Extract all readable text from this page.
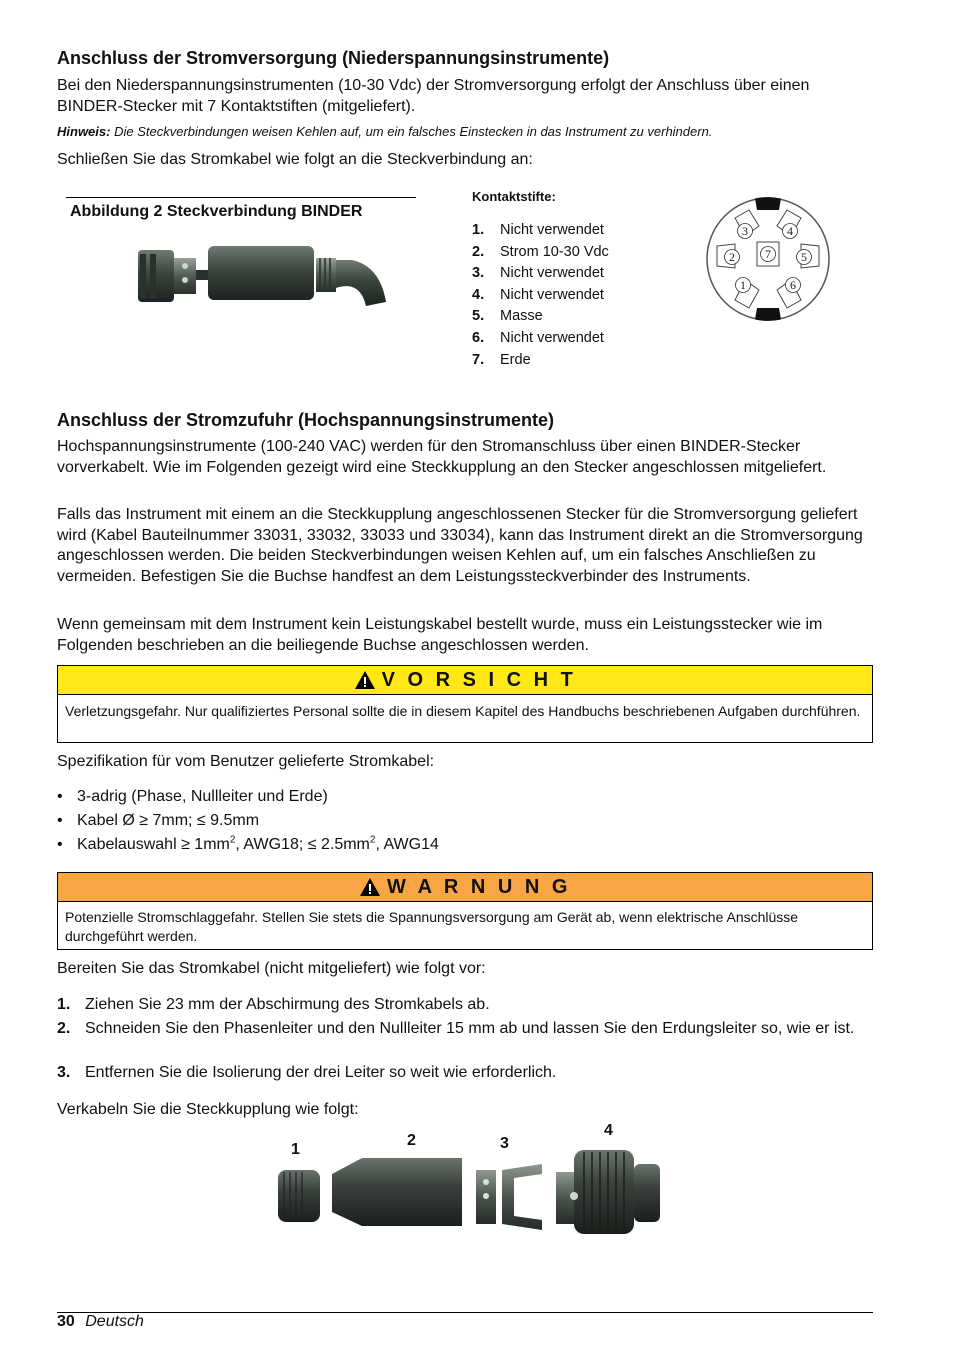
Anschluss der Stromversorgung (Niederspannungsinstrumente)
Bei den Niederspannungsinstrumenten (10-30 Vdc) der Stromversorgung erfolgt der Anschluss über einen BINDER-Stecker mit 7 Kontaktstiften (mitgeliefert).
Hinweis: Die Steckverbindungen weisen Kehlen auf, um ein falsches Einstecken in das Instrument zu verhindern.
Schließen Sie das Stromkabel wie folgt an die Steckverbindung an:
Abbildung 2 Steckverbindung BINDER
Kontaktstifte:
1. Nicht verwendet
2. Strom 10-30 Vdc
3. Nicht verwendet
4. Nicht verwendet
5. Masse
6. Nicht verwendet
7. Erde
1
2
3	4
5
6
7
Anschluss der Stromzufuhr (Hochspannungsinstrumente)
Hochspannungsinstrumente (100-240 VAC) werden für den Stromanschluss über einen BINDER-Stecker vorverkabelt. Wie im Folgenden gezeigt wird eine Steckkupplung an den Stecker angeschlossen mitgeliefert.
Falls das Instrument mit einem an die Steckkupplung angeschlossenen Stecker für die Stromversorgung geliefert wird (Kabel Bauteilnummer 33031, 33032, 33033 und 33034), kann das Instrument direkt an die Stromversorgung angeschlossen werden. Die beiden Steckverbindungen weisen Kehlen auf, um ein falsches Anschließen zu vermeiden. Befestigen Sie die Buchse handfest an dem Leistungssteckverbinder des Instruments.
Wenn gemeinsam mit dem Instrument kein Leistungskabel bestellt wurde, muss ein Leistungsstecker wie im Folgenden beschrieben an die beiliegende Buchse angeschlossen werden.
V O R S I C H T
Verletzungsgefahr. Nur qualifiziertes Personal sollte die in diesem Kapitel des Handbuchs beschriebenen Aufgaben durchführen.
Spezifikation für vom Benutzer gelieferte Stromkabel:
• 3-adrig (Phase, Nullleiter und Erde)
• Kabel Ø ≥ 7mm; ≤ 9.5mm
• Kabelauswahl ≥ $1mm^2$, AWG18; ≤ $2.5mm^2$, AWG14
W A R N U N G
Potenzielle Stromschlaggefahr. Stellen Sie stets die Spannungsversorgung am Gerät ab, wenn elektrische Anschlüsse durchgeführt werden.
Bereiten Sie das Stromkabel (nicht mitgeliefert) wie folgt vor:
1. Ziehen Sie 23 mm der Abschirmung des Stromkabels ab.
2. Schneiden Sie den Phasenleiter und den Nullleiter 15 mm ab und lassen Sie den Erdungsleiter so, wie er ist.
3. Entfernen Sie die Isolierung der drei Leiter so weit wie erforderlich.
Verkabeln Sie die Steckkupplung wie folgt:
1
2	3
4
30 Deutsch
